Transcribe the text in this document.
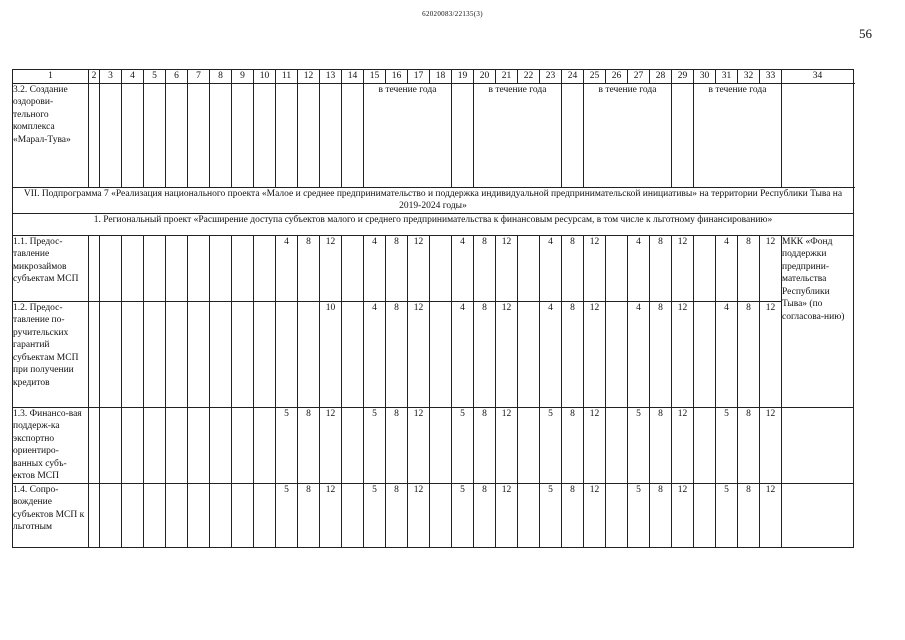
62020083/22135(3)
56
1	2	3	4	5	6	7	8	9	10	11	12	13	14	15	16	17	18	19	20	21	22	23	24	25	26	27	28	29	30	31	32	33	34	
3.2. Создание оздорови-тельного комплекса «Марал-Тува»														в течение года					в течение года					в течение года					в течение года			
VII. Подпрограмма 7 «Реализация национального проекта «Малое и среднее предпринимательство и поддержка индивидуальной предпринимательской инициативы» на территории Республики Тыва на 2019-2024 годы»																																		
1. Региональный проект «Расширение доступа субъектов малого и среднего предпринимательства к финансовым ресурсам, в том числе к льготному финансированию»																																		
1.1. Предос-тавление микрозаймов субъектам МСП										4	8	12		4	8	12		4	8	12		4	8	12		4	8	12		4	8	12	МКК «Фонд поддержки предприни-мательства Республики Тыва» (по согласова-нию)	
1.2. Предос-тавление по-ручительских гарантий субъектам МСП при получении кредитов												10		4	8	12		4	8	12		4	8	12		4	8	12		4	8	12		
1.3. Финансо-вая поддерж-ка экспортно ориентиро-ванных субъ-ектов МСП										5	8	12		5	8	12		5	8	12		5	8	12		5	8	12		5	8	12		
1.4. Сопро-вождение субъектов МСП к льготным										5	8	12		5	8	12		5	8	12		5	8	12		5	8	12		5	8	12		
